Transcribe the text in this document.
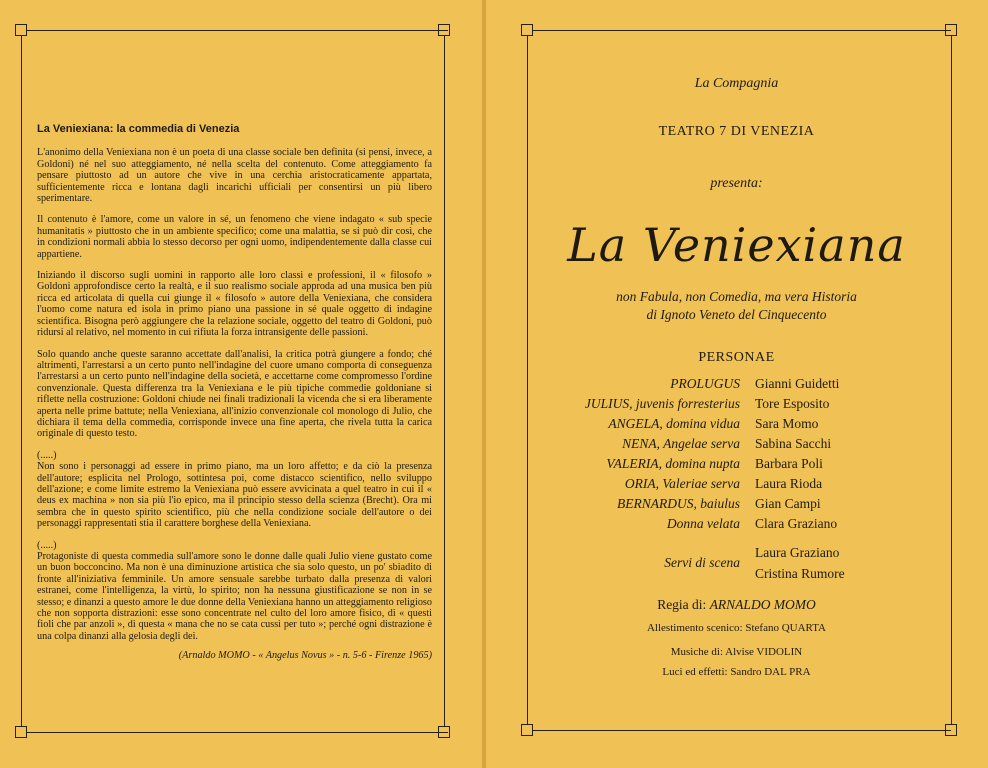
La Veniexiana: la commedia di Venezia

L'anonimo della Veniexiana non è un poeta di una classe sociale ben definita (si pensi, invece, a Goldoni) né nel suo atteggiamento, né nella scelta del contenuto. Come atteggiamento fa pensare piuttosto ad un autore che vive in una cerchia aristocraticamente appartata, sufficientemente ricca e lontana dagli incarichi ufficiali per consentirsi un più libero sperimentare.

Il contenuto è l'amore, come un valore in sé, un fenomeno che viene indagato « sub specie humanitatis » piuttosto che in un ambiente specifico; come una malattia, se si può dir così, che in condizioni normali abbia lo stesso decorso per ogni uomo, indipendentemente dalla classe cui appartiene.

Iniziando il discorso sugli uomini in rapporto alle loro classi e professioni, il « filosofo » Goldoni approfondisce certo la realtà, e il suo realismo sociale approda ad una musica ben più ricca ed articolata di quella cui giunge il « filosofo » autore della Veniexiana, che considera l'uomo come natura ed isola in primo piano una passione in sé quale oggetto di indagine scientifica. Bisogna però aggiungere che la relazione sociale, oggetto del teatro di Goldoni, può ridursi al relativo, nel momento in cui rifiuta la forza intransigente delle passioni.

Solo quando anche queste saranno accettate dall'analisi, la critica potrà giungere a fondo; ché altrimenti, l'arrestarsi a un certo punto nell'indagine del cuore umano comporta di conseguenza l'arrestarsi a un certo punto nell'indagine della società, e accettarne come compromesso l'ordine convenzionale. Questa differenza tra la Veniexiana e le più tipiche commedie goldoniane si riflette nella costruzione: Goldoni chiude nei finali tradizionali la vicenda che si era liberamente aperta nelle prime battute; nella Veniexiana, all'inizio convenzionale col monologo di Julio, che dichiara il tema della commedia, corrisponde invece una fine aperta, che rivela tutta la carica originale di questo testo.

(.....)

Non sono i personaggi ad essere in primo piano, ma un loro affetto; e da ciò la presenza dell'autore; esplicita nel Prologo, sottintesa poi, come distacco scientifico, nello sviluppo dell'azione; e come limite estremo la Veniexiana può essere avvicinata a quel teatro in cui il « deus ex machina » non sia più l'io epico, ma il principio stesso della scienza (Brecht). Ora mi sembra che in questo spirito scientifico, più che nella condizione sociale dell'autore o dei personaggi rappresentati stia il carattere borghese della Veniexiana.

(.....)

Protagoniste di questa commedia sull'amore sono le donne dalle quali Julio viene gustato come un buon bocconcino. Ma non è una diminuzione artistica che sia solo questo, un po' sbiadito di fronte all'iniziativa femminile. Un amore sensuale sarebbe turbato dalla presenza di valori estranei, come l'intelligenza, la virtù, lo spirito; non ha nessuna giustificazione se non in se stesso; e dinanzi a questo amore le due donne della Veniexiana hanno un atteggiamento religioso che non sopporta distrazioni: esse sono concentrate nel culto del loro amore fisico, di « questi fioli che par anzoli », di questa « mana che no se cata cussì per tuto »; perché ogni distrazione è una colpa dinanzi alla gelosia degli dei.

(Arnaldo MOMO - « Angelus Novus » - n. 5-6 - Firenze 1965)
La Compagnia
TEATRO 7 DI VENEZIA
presenta:
La Veniexiana
non Fabula, non Comedia, ma vera Historia
di Ignoto Veneto del Cinquecento
PERSONAE
PROLUGUS Gianni Guidetti
JULIUS, juvenis forresterius Tore Esposito
ANGELA, domina vidua Sara Momo
NENA, Angelae serva Sabina Sacchi
VALERIA, domina nupta Barbara Poli
ORIA, Valeriae serva Laura Rioda
BERNARDUS, baiulus Gian Campi
Donna velata Clara Graziano
Servi di scena
Laura Graziano
Cristina Rumore
Regia di: ARNALDO MOMO
Allestimento scenico: Stefano QUARTA
Musiche di: Alvise VIDOLIN
Luci ed effetti: Sandro DAL PRA
